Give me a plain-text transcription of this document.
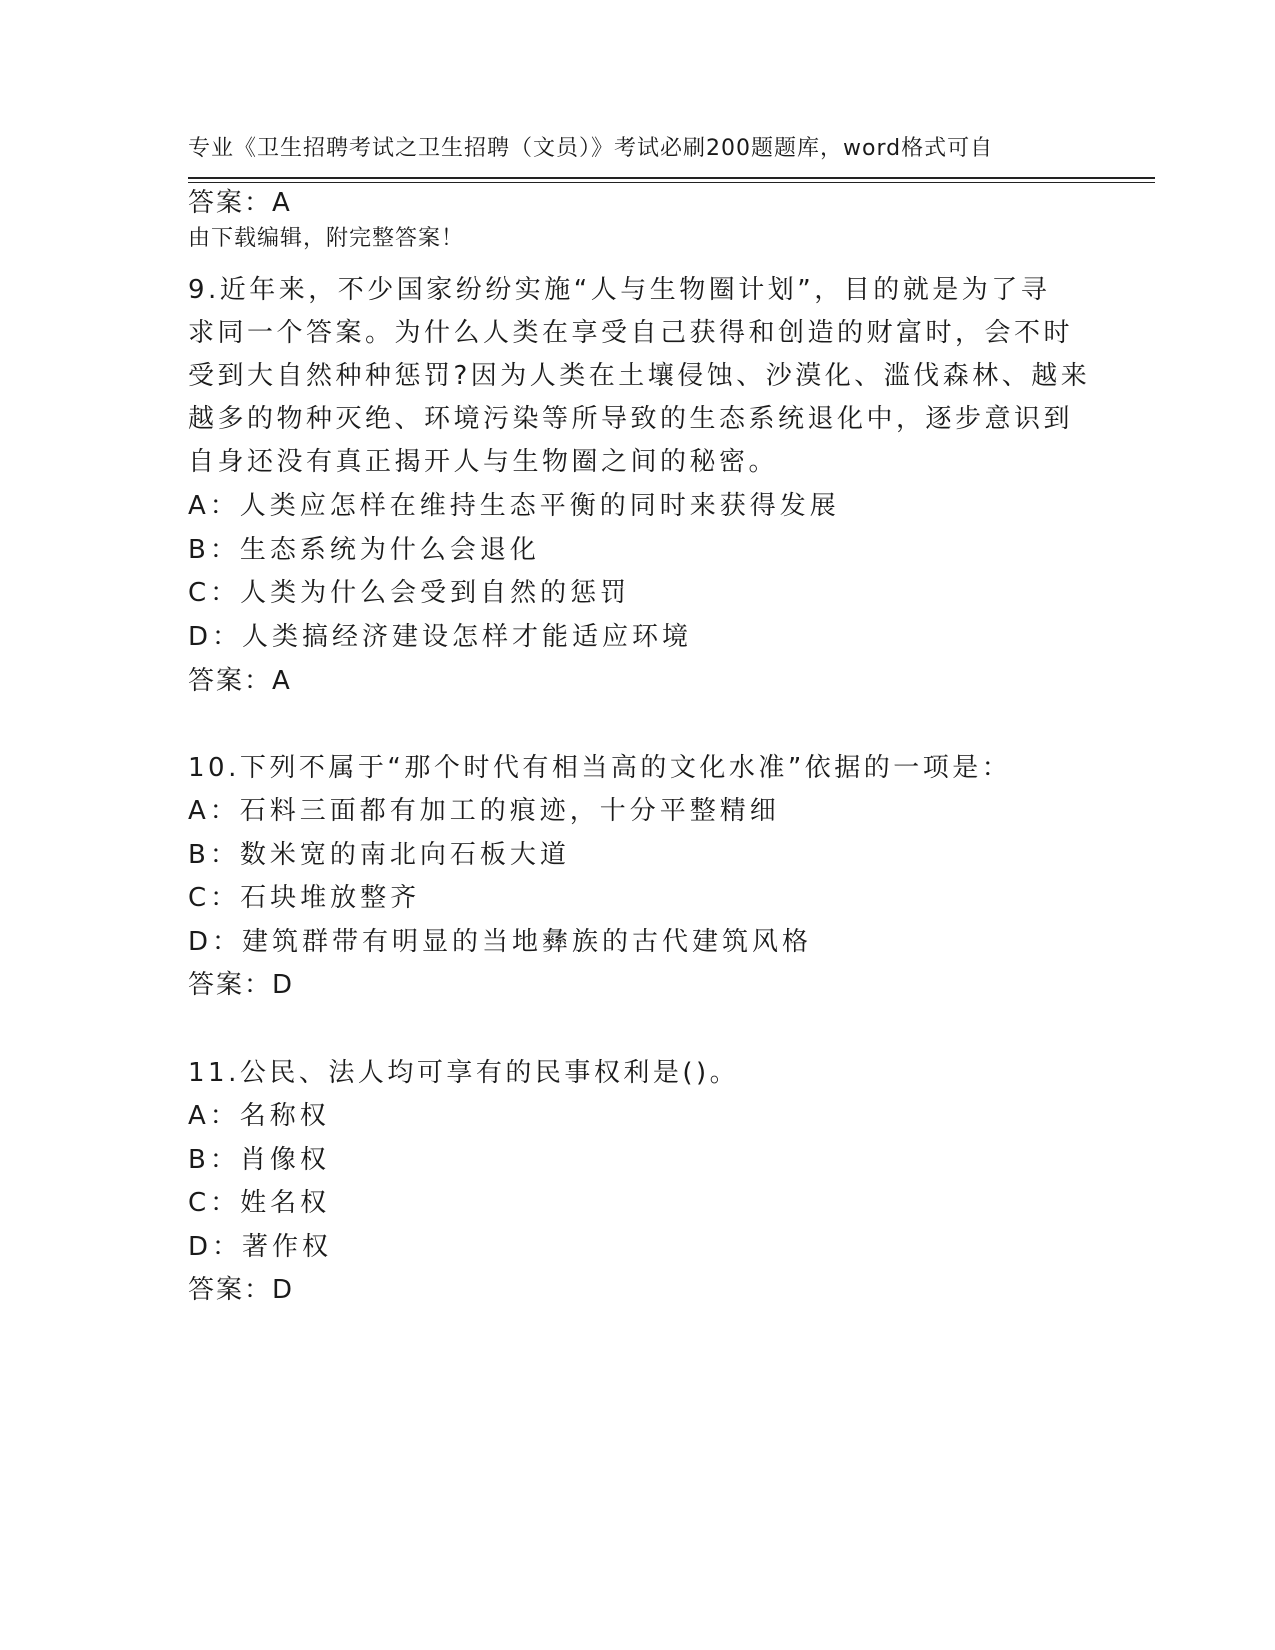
专业《卫生招聘考试之卫生招聘（文员）》考试必刷200题题库，word格式可自

由下载编辑，附完整答案！

答案：A
9.近年来，不少国家纷纷实施“人与生物圈计划”，目的就是为了寻
求同一个答案。为什么人类在享受自己获得和创造的财富时，会不时
受到大自然种种惩罚?因为人类在土壤侵蚀、沙漠化、滥伐森林、越来
越多的物种灭绝、环境污染等所导致的生态系统退化中，逐步意识到
自身还没有真正揭开人与生物圈之间的秘密。
A：人类应怎样在维持生态平衡的同时来获得发展
B：生态系统为什么会退化
C：人类为什么会受到自然的惩罚
D：人类搞经济建设怎样才能适应环境
答案：A
10.下列不属于“那个时代有相当高的文化水准”依据的一项是：
A：石料三面都有加工的痕迹，十分平整精细
B：数米宽的南北向石板大道
C：石块堆放整齐
D：建筑群带有明显的当地彝族的古代建筑风格
答案：D
11.公民、法人均可享有的民事权利是()。
A：名称权
B：肖像权
C：姓名权
D：著作权
答案：D
